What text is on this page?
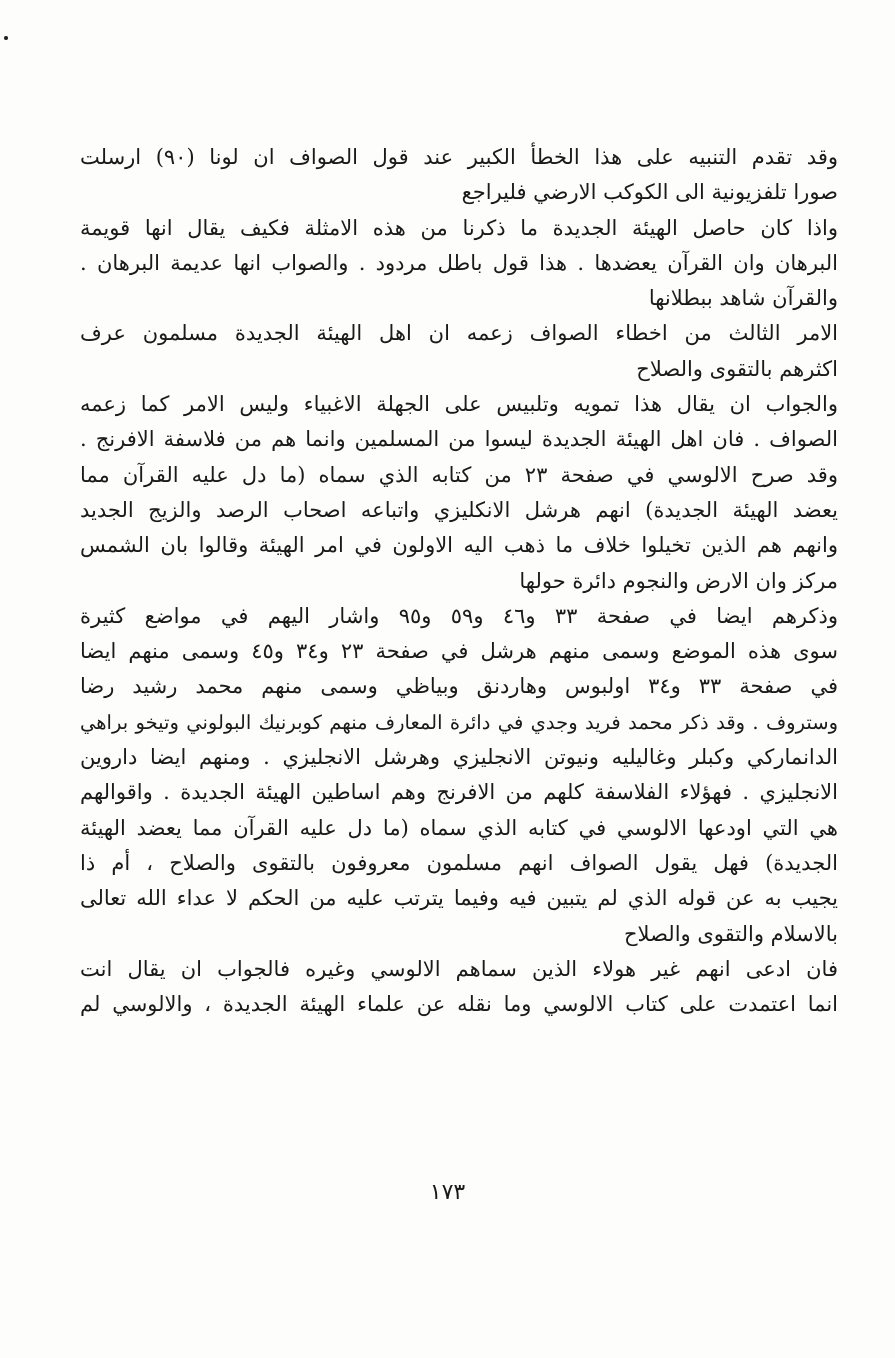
وقد تقدم التنبيه على هذا الخطأ الكبير عند قول الصواف ان لونا (٩٠) ارسلت
صورا تلفزيونية الى الكوكب الارضي فليراجع
واذا كان حاصل الهيئة الجديدة ما ذكرنا من هذه الامثلة فكيف يقال انها قويمة
البرهان وان القرآن يعضدها . هذا قول باطل مردود . والصواب انها عديمة البرهان .
والقرآن شاهد ببطلانها
الامر الثالث من اخطاء الصواف زعمه ان اهل الهيئة الجديدة مسلمون عرف
اكثرهم بالتقوى والصلاح
والجواب ان يقال هذا تمويه وتلبيس على الجهلة الاغبياء وليس الامر كما زعمه
الصواف . فان اهل الهيئة الجديدة ليسوا من المسلمين وانما هم من فلاسفة الافرنج .
وقد صرح الالوسي في صفحة ٢٣ من كتابه الذي سماه (ما دل عليه القرآن مما
يعضد الهيئة الجديدة) انهم هرشل الانكليزي واتباعه اصحاب الرصد والزيج الجديد
وانهم هم الذين تخيلوا خلاف ما ذهب اليه الاولون في امر الهيئة وقالوا بان الشمس
مركز وان الارض والنجوم دائرة حولها
وذكرهم ايضا في صفحة ٣٣ و٤٦ و٥٩ و٩٥ واشار اليهم في مواضع كثيرة
سوى هذه الموضع وسمى منهم هرشل في صفحة ٢٣ و٣٤ و٤٥ وسمى منهم ايضا
في صفحة ٣٣ و٣٤ اولبوس وهاردنق وبياظي وسمى منهم محمد رشيد رضا
وستروف . وقد ذكر محمد فريد وجدي في دائرة المعارف منهم كوبرنيك البولوني وتيخو براهي
الدانماركي وكبلر وغاليليه ونيوتن الانجليزي وهرشل الانجليزي . ومنهم ايضا داروين
الانجليزي . فهؤلاء الفلاسفة كلهم من الافرنج وهم اساطين الهيئة الجديدة . واقوالهم
هي التي اودعها الالوسي في كتابه الذي سماه (ما دل عليه القرآن مما يعضد الهيئة
الجديدة) فهل يقول الصواف انهم مسلمون معروفون بالتقوى والصلاح ، أم ذا
يجيب به عن قوله الذي لم يتبين فيه وفيما يترتب عليه من الحكم لا عداء الله تعالى
بالاسلام والتقوى والصلاح
فان ادعى انهم غير هولاء الذين سماهم الالوسي وغيره فالجواب ان يقال انت
انما اعتمدت على كتاب الالوسي وما نقله عن علماء الهيئة الجديدة ، والالوسي لم
١٧٣
